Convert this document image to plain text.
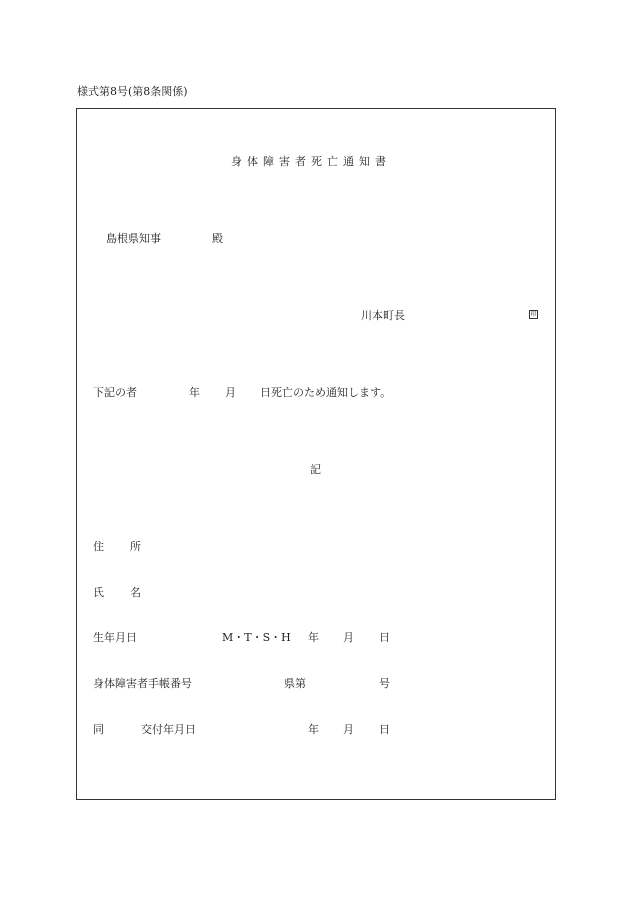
様式第8号(第8条関係)
身体障害者死亡通知書
島根県知事	殿
川本町長	印
下記の者	年 月 日死亡のため通知します。
記
住 所
氏 名
生年月日	M・T・S・H 年 月 日
身体障害者手帳番号	県第	号
同	交付年月日	年 月 日
